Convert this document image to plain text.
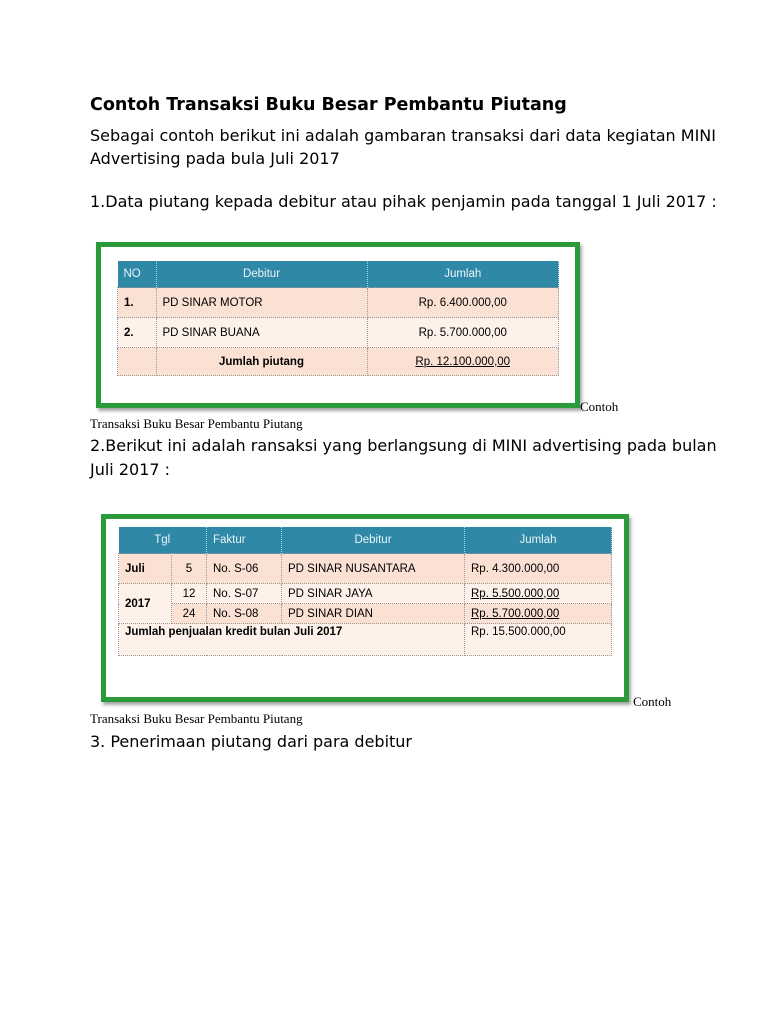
Contoh Transaksi Buku Besar Pembantu Piutang
Sebagai contoh berikut ini adalah gambaran transaksi dari data kegiatan MINI
Advertising pada bula Juli 2017
1.Data piutang kepada debitur atau pihak penjamin pada tanggal 1 Juli 2017 :
NO	Debitur	Jumlah
1.	PD SINAR MOTOR	Rp. 6.400.000,00
2.	PD SINAR BUANA	Rp. 5.700.000,00
	Jumlah piutang	Rp. 12.100.000,00
Contoh
Transaksi Buku Besar Pembantu Piutang
2.Berikut ini adalah ransaksi yang berlangsung di MINI advertising pada bulan
Juli 2017 :
Tgl		Faktur	Debitur	Jumlah
Juli	5	No. S-06	PD SINAR NUSANTARA	Rp. 4.300.000,00
2017	12	No. S-07	PD SINAR JAYA	Rp. 5.500.000,00
	24	No. S-08	PD SINAR DIAN	Rp. 5.700.000,00
Jumlah penjualan kredit bulan Juli 2017				Rp. 15.500.000,00
Contoh
Transaksi Buku Besar Pembantu Piutang
3. Penerimaan piutang dari para debitur
